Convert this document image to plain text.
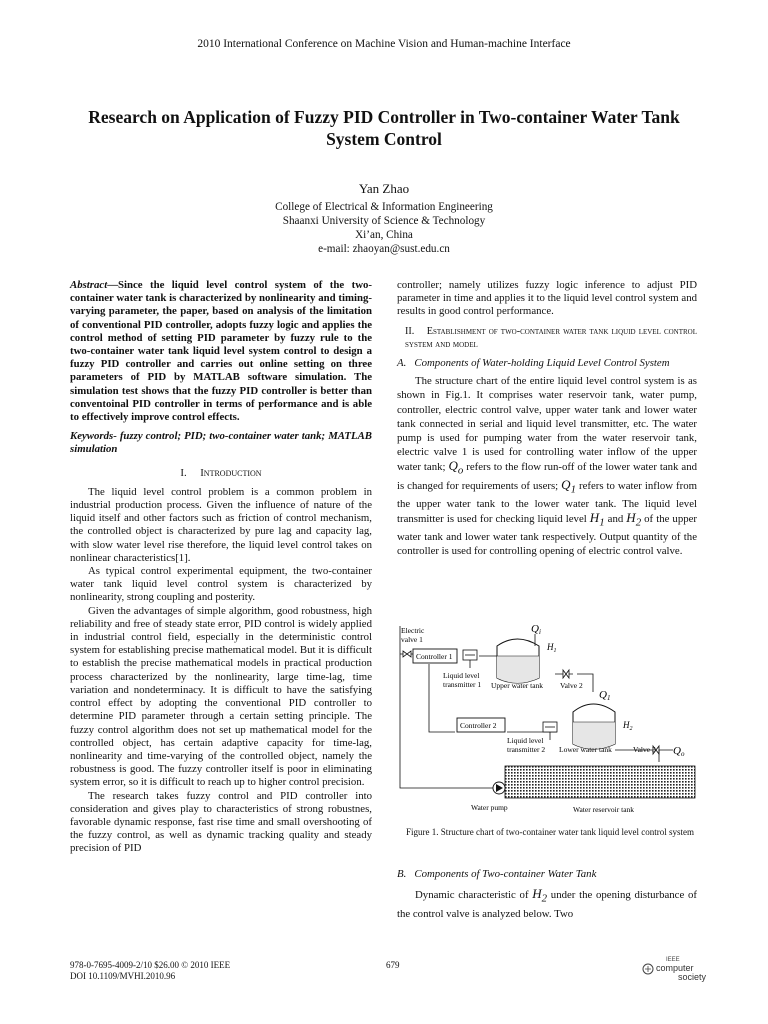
2010 International Conference on Machine Vision and Human-machine Interface
Research on Application of Fuzzy PID Controller in Two-container Water Tank System Control
Yan Zhao
College of Electrical & Information Engineering
Shaanxi University of Science & Technology
Xi’an, China
e-mail: zhaoyan@sust.edu.cn

Abstract—Since the liquid level control system of the two-container water tank is characterized by nonlinearity and timing-varying parameter, the paper, based on analysis of the limitation of conventional PID controller, adopts fuzzy logic and applies the control method of setting PID parameter by fuzzy rule to the two-container water tank liquid level system control to design a fuzzy PID controller and carries out online setting on three parameters of PID by MATLAB software simulation. The simulation test shows that the fuzzy PID controller is better than conventoinal PID controller in terms of performance and is able to effectively improve control effects.

Keywords- fuzzy control; PID; two-container water tank; MATLAB simulation

I. Introduction

The liquid level control problem is a common problem in industrial production process. Given the influence of nature of the liquid itself and other factors such as friction of control mechanism, the controlled object is characterized by pure lag and capacity lag, with slow water level rise therefore, the liquid level control takes on nonlinear characteristics[1].

As typical control experimental equipment, the two-container water tank liquid level control system is characterized by nonlinearity, strong coupling and posterity.

Given the advantages of simple algorithm, good robustness, high reliability and free of steady state error, PID control is widely applied in industrial control field, especially in the deterministic control system for establishing precise mathematical model. But it is difficult to establish the precise mathematical models in practical production process characterized by the nonlinearity, large time-lag, time variation and nondeterminacy. It is difficult to have the satisfying control effect by adopting the conventional PID controller to determine PID parameter through a certain setting principle. The fuzzy control algorithm does not set up mathematical model for the controlled object, has certain adaptive capacity for time-lag, nonlinearity and time-varying of the controlled object, namely the robustness is good. The fuzzy controller itself is poor in eliminating system error, so it is difficult to reach up to higher control precision.

The research takes fuzzy control and PID controller into consideration and gives play to characteristics of strong robustnes, favorable dynamic response, fast rise time and small overshooting of the fuzzy control, as well as dynamic tracking quality and steady precision of PID

controller; namely utilizes fuzzy logic inference to adjust PID parameter in time and applies it to the liquid level control system and results in good control performance.

II. Establishment of two-container water tank liquid level control system and model
A. Components of Water-holding Liquid Level Control System

The structure chart of the entire liquid level control system is as shown in Fig.1. It comprises water reservoir tank, water pump, controller, electric control valve, upper water tank and lower water tank connected in serial and liquid level transmitter, etc. The water pump is used for pumping water from the water reservoir tank, electric valve 1 is used for controlling water inflow of the upper water tank; $Q_o$ refers to the flow run-off of the lower water tank and is changed for requirements of users; $Q_1$ refers to water inflow from the upper water tank to the lower water tank. The liquid level transmitter is used for checking liquid level $H_1$ and $H_2$ of the upper water tank and lower water tank respectively. Output quantity of the controller is used for controlling opening of electric control valve.

Electric
valve 1
Controller 1
Controller 2
Liquid level
transmitter 1
Qi
$H_1$
Upper water tank Valve 2
Q1
Liquid level
transmitter 2
$H_2$
Lower water tank	Valve 3 Qo
Water reservoir tank
Water pump
Figure 1. Structure chart of two-container water tank liquid level control system
B. Components of Two-container Water Tank
Dynamic characteristic of $H_2$ under the opening disturbance of the control valve is analyzed below. Two
978-0-7695-4009-2/10 $26.00 © 2010 IEEE
DOI 10.1109/MVHI.2010.96
679	IEEE
computer
society
